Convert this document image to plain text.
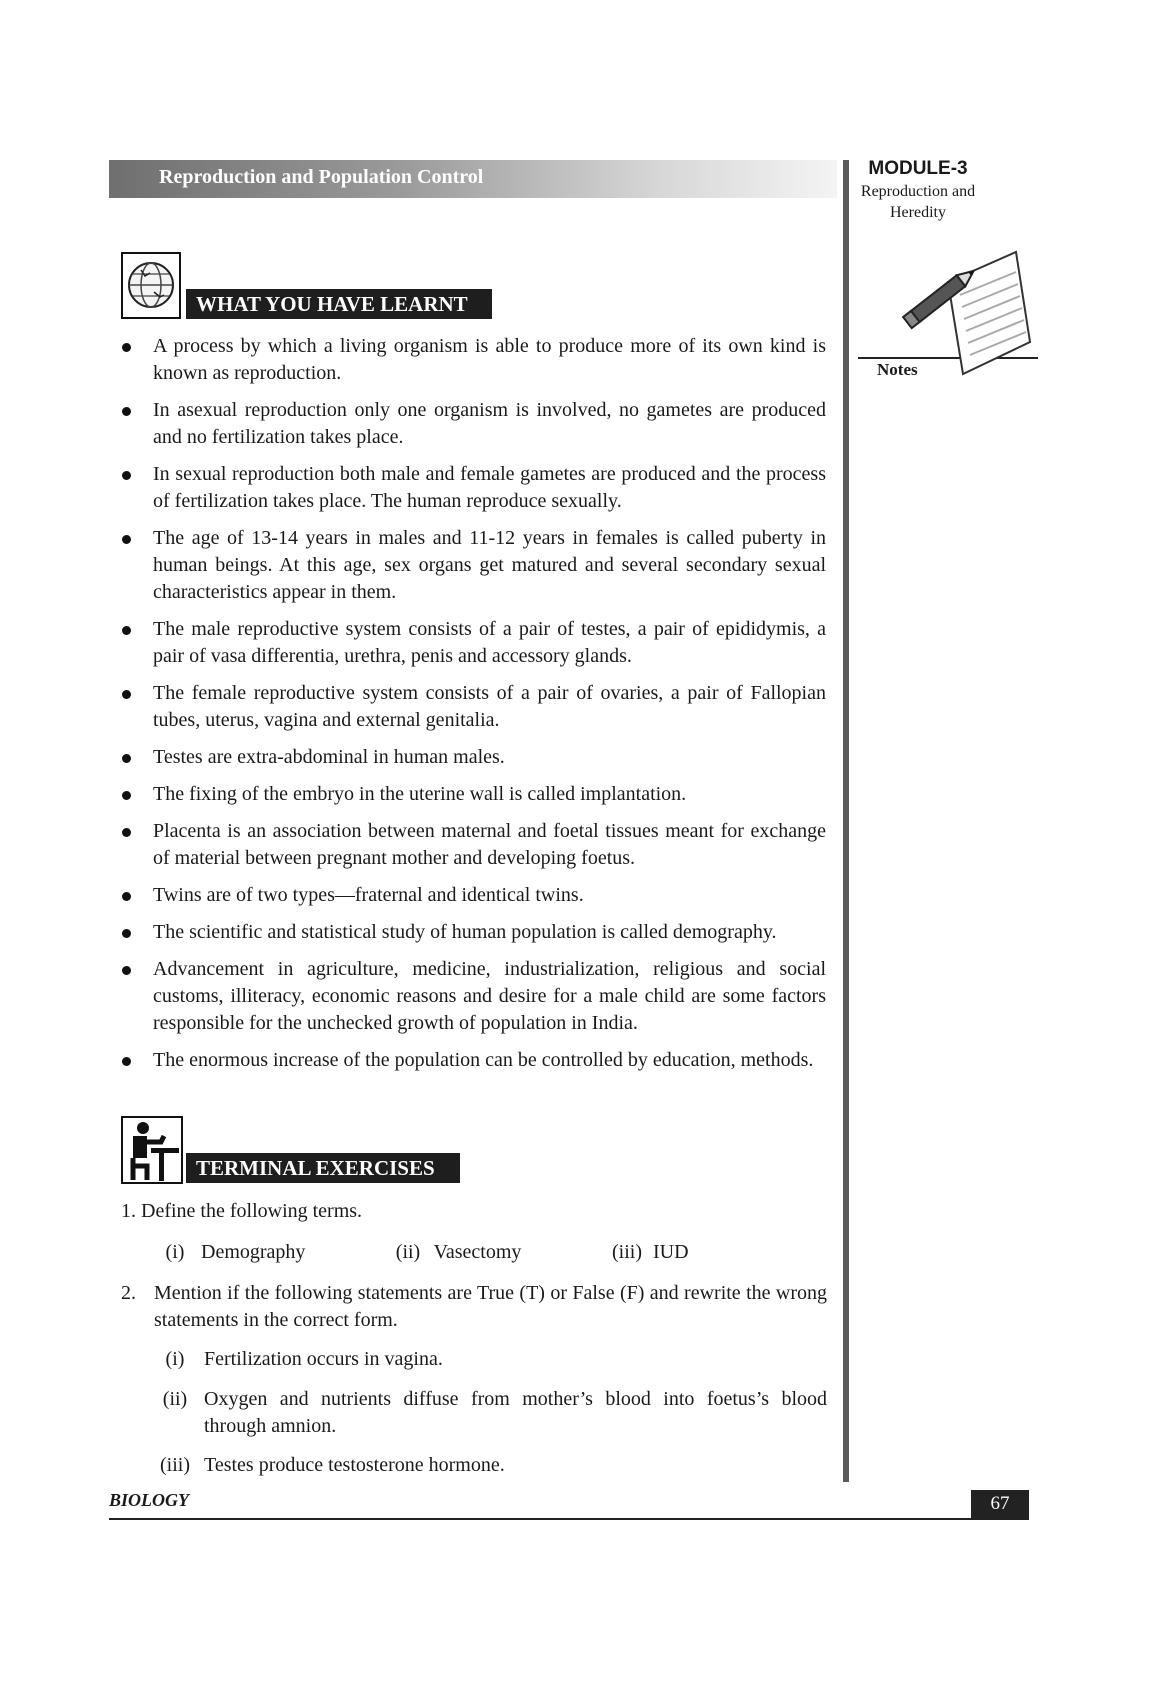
Reproduction and Population Control	MODULE-3
Reproduction and
Heredity
Notes
WHAT YOU HAVE LEARNT
A process by which a living organism is able to produce more of its own kind is known as reproduction.
In asexual reproduction only one organism is involved, no gametes are produced and no fertilization takes place.
In sexual reproduction both male and female gametes are produced and the process of fertilization takes place. The human reproduce sexually.
The age of 13-14 years in males and 11-12 years in females is called puberty in human beings. At this age, sex organs get matured and several secondary sexual characteristics appear in them.
The male reproductive system consists of a pair of testes, a pair of epididymis, a pair of vasa differentia, urethra, penis and accessory glands.
The female reproductive system consists of a pair of ovaries, a pair of Fallopian tubes, uterus, vagina and external genitalia.
Testes are extra-abdominal in human males.
The fixing of the embryo in the uterine wall is called implantation.
Placenta is an association between maternal and foetal tissues meant for exchange of material between pregnant mother and developing foetus.
Twins are of two types—fraternal and identical twins.
The scientific and statistical study of human population is called demography.
Advancement in agriculture, medicine, industrialization, religious and social customs, illiteracy, economic reasons and desire for a male child are some factors responsible for the unchecked growth of population in India.
The enormous increase of the population can be controlled by education, methods.
TERMINAL EXERCISES
1. Define the following terms.
(i) Demography	(ii) Vasectomy	(iii) IUD
2. Mention if the following statements are True (T) or False (F) and rewrite the wrong statements in the correct form.
(i) Fertilization occurs in vagina.
(ii) Oxygen and nutrients diffuse from mother’s blood into foetus’s blood through amnion.
(iii) Testes produce testosterone hormone.
BIOLOGY	67
